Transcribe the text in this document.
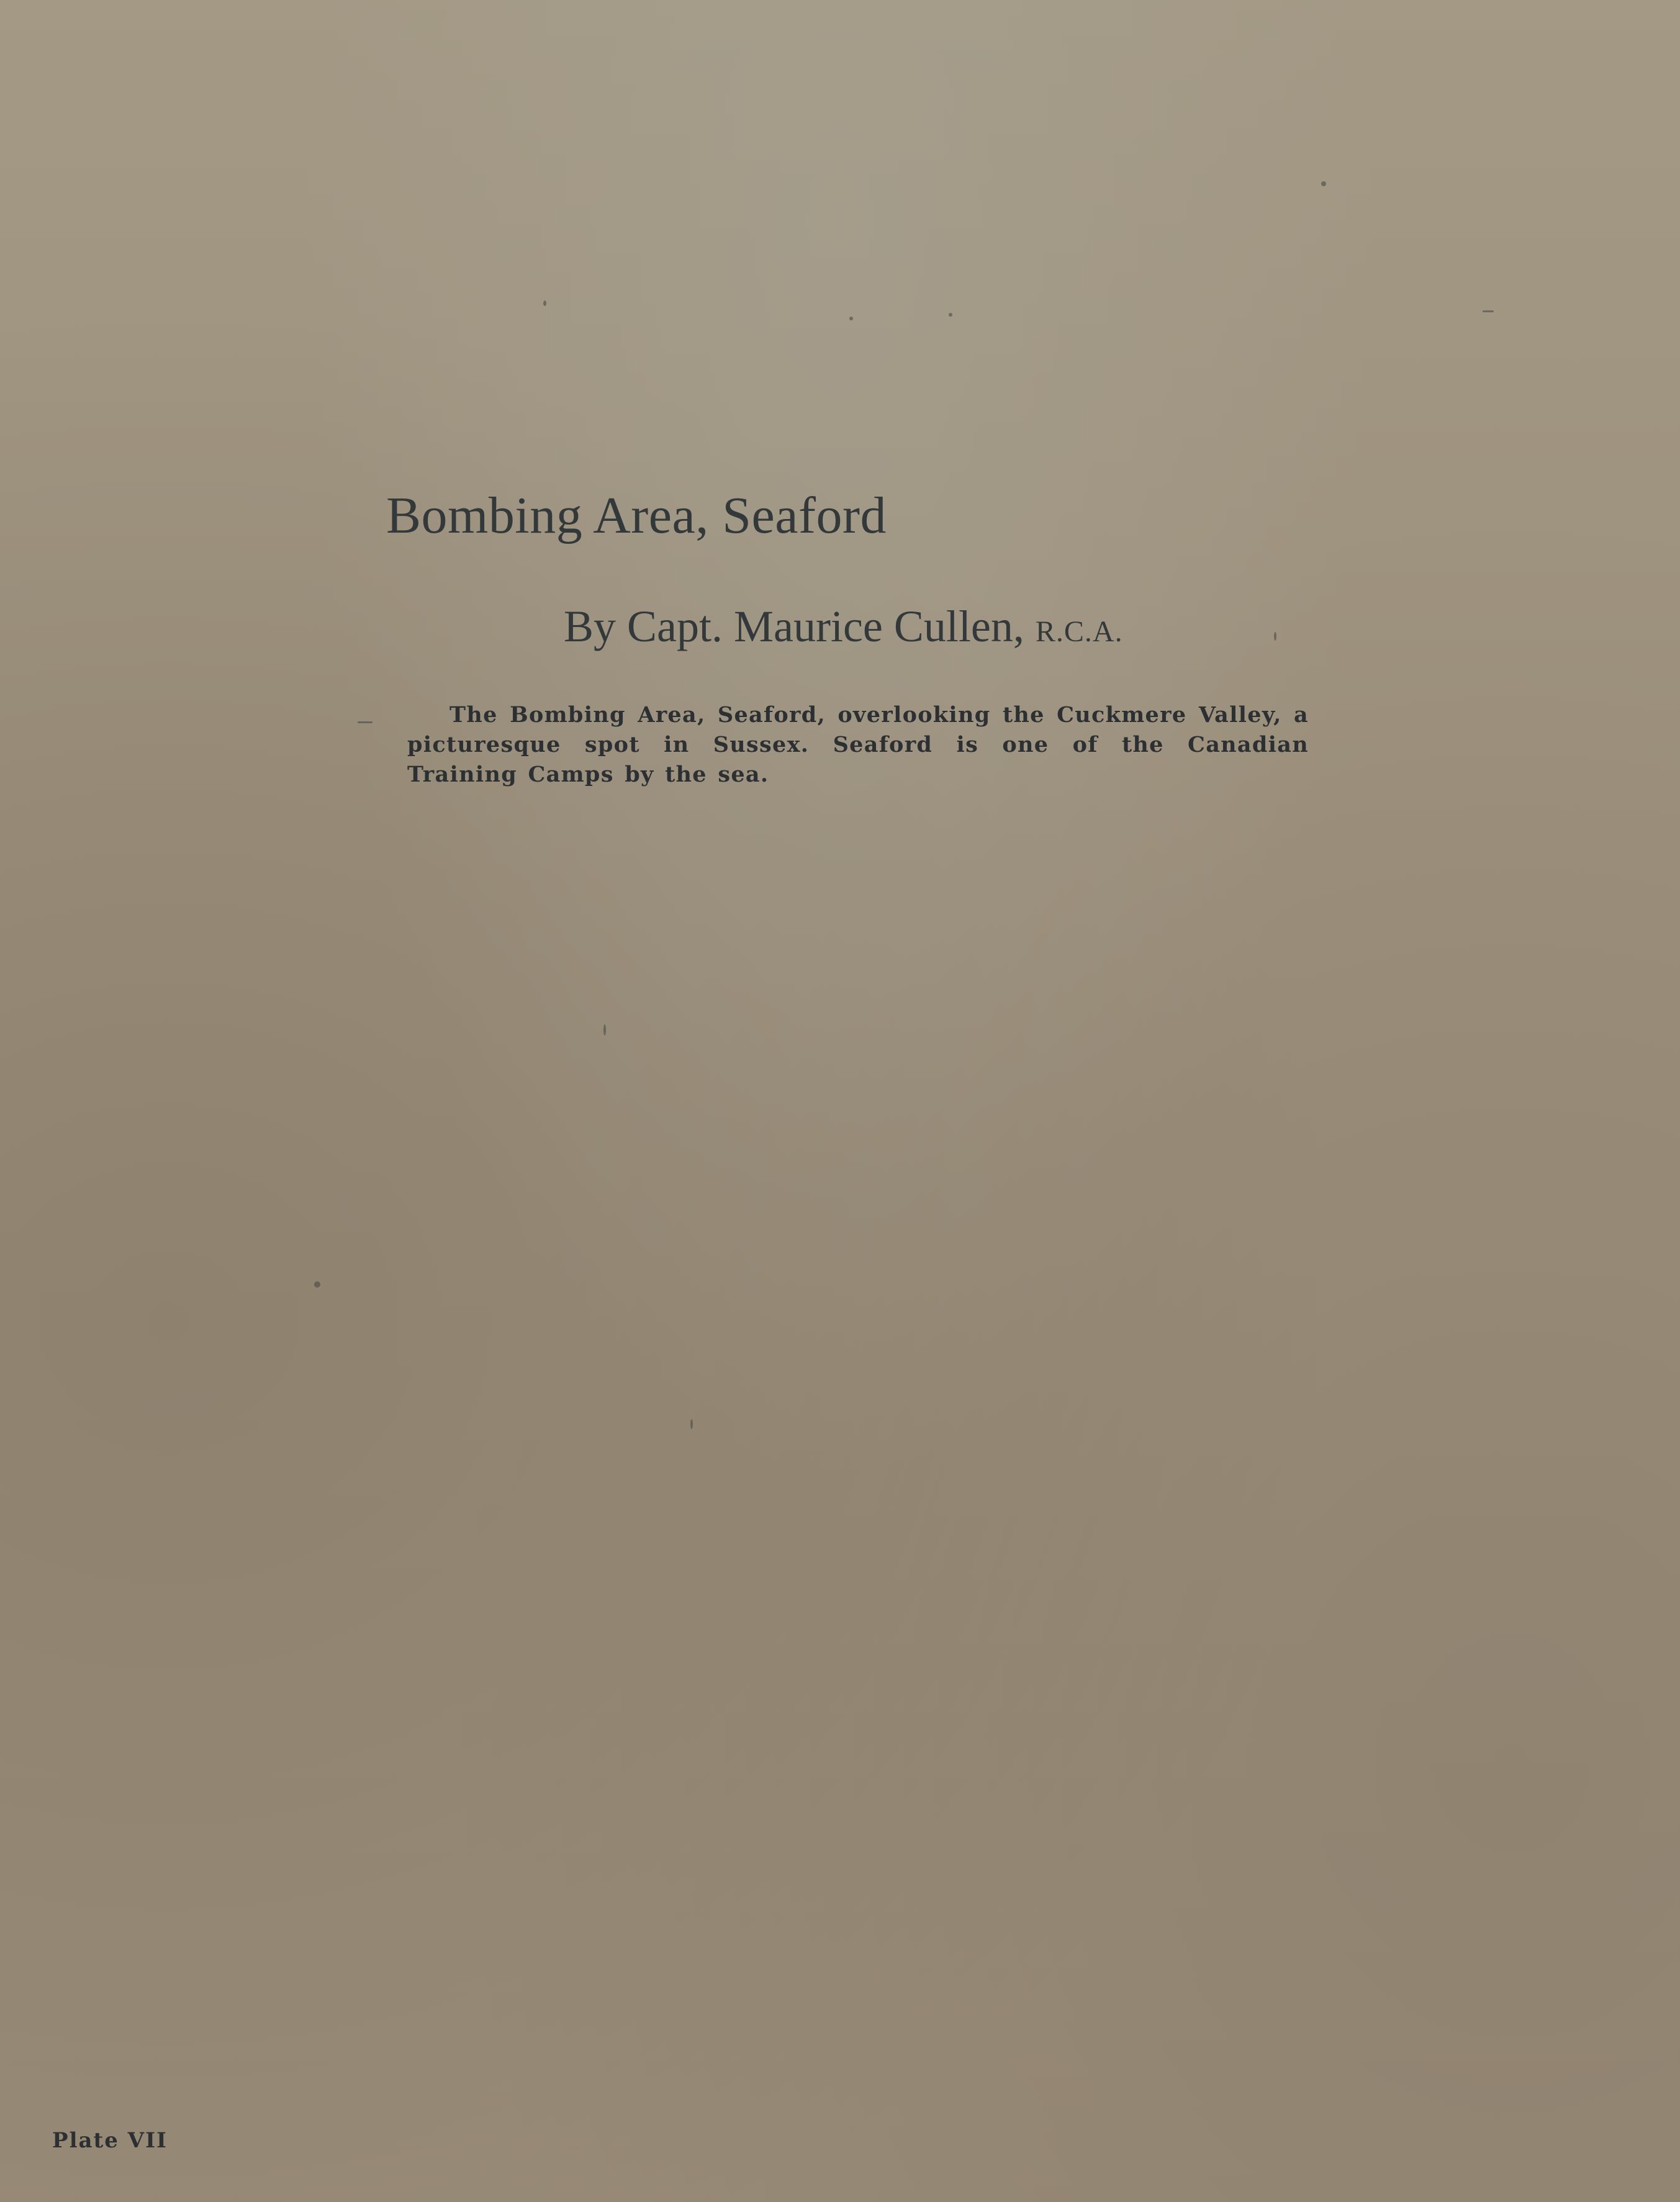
Bombing Area, Seaford

By Capt. Maurice Cullen, R.C.A.

The Bombing Area, Seaford, overlooking the Cuckmere Valley, a picturesque spot in Sussex. Seaford is one of the Canadian Training Camps by the sea.

Plate VII
